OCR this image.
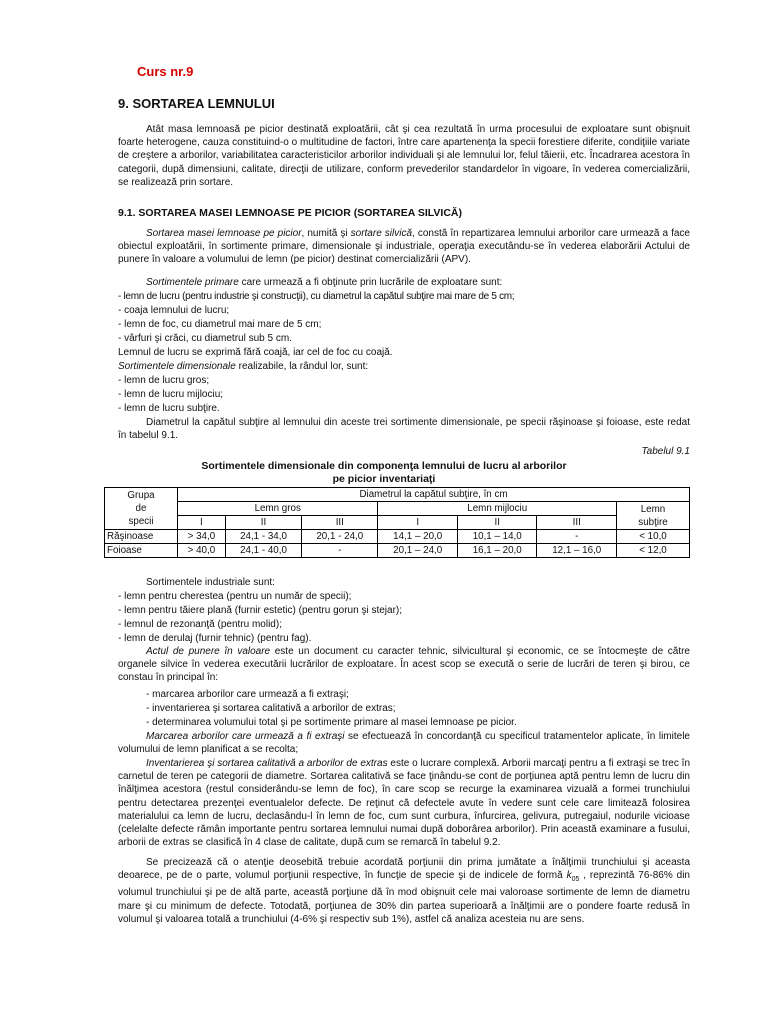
Curs nr.9
9. SORTAREA LEMNULUI
Atât masa lemnoasă pe picior destinată exploatării, cât şi cea rezultată în urma procesului de exploatare sunt obişnuit foarte heterogene, cauza constituind-o o multitudine de factori, între care apartenenţa la specii forestiere diferite, condiţiile variate de creştere a arborilor, variabilitatea caracteristicilor arborilor individuali şi ale lemnului lor, felul tăierii, etc. Încadrarea acestora în categorii, după dimensiuni, calitate, direcţii de utilizare, conform prevederilor standardelor în vigoare, în vederea comercializării, se realizează prin sortare.
9.1. SORTAREA MASEI LEMNOASE PE PICIOR (SORTAREA SILVICĂ)
Sortarea masei lemnoase pe picior, numită şi sortare silvică, constă în repartizarea lemnului arborilor care urmează a face obiectul exploatării, în sortimente primare, dimensionale şi industriale, operaţia executându-se în vederea elaborării Actului de punere în valoare a volumului de lemn (pe picior) destinat comercializării (APV).
Sortimentele primare care urmează a fi obţinute prin lucrările de exploatare sunt:
- lemn de lucru (pentru industrie şi construcţii), cu diametrul la capătul subţire mai mare de 5 cm;
- coaja lemnului de lucru;
- lemn de foc, cu diametrul mai mare de 5 cm;
- vârfuri şi crăci, cu diametrul sub 5 cm.
Lemnul de lucru se exprimă fără coajă, iar cel de foc cu coajă.
Sortimentele dimensionale realizabile, la rândul lor, sunt:
- lemn de lucru gros;
- lemn de lucru mijlociu;
- lemn de lucru subţire.
Diametrul la capătul subţire al lemnului din aceste trei sortimente dimensionale, pe specii răşinoase şi foioase, este redat în tabelul 9.1.
Tabelul 9.1
Sortimentele dimensionale din componenţa lemnului de lucru al arborilor pe picior inventariaţi
Grupa
de
specii	Diametrul la capătul subţire, în cm						
	Lemn gros			Lemn mijlociu			Lemn
subţire

	I	II	III	I	II	III	
Răşinoase	> 34,0	24,1 - 34,0	20,1 - 24,0	14,1 – 20,0	10,1 – 14,0	-	< 10,0
Foioase	> 40,0	24,1 - 40,0	-	20,1 – 24,0	16,1 – 20,0	12,1 – 16,0	< 12,0
Sortimentele industriale sunt:
- lemn pentru cherestea (pentru un număr de specii);
- lemn pentru tăiere plană (furnir estetic) (pentru gorun şi stejar);
- lemnul de rezonanţă (pentru molid);
- lemn de derulaj (furnir tehnic) (pentru fag).
Actul de punere în valoare este un document cu caracter tehnic, silvicultural şi economic, ce se întocmeşte de către organele silvice în vederea executării lucrărilor de exploatare. În acest scop se execută o serie de lucrări de teren şi birou, ce constau în principal în:
- marcarea arborilor care urmează a fi extraşi;
- inventarierea şi sortarea calitativă a arborilor de extras;
- determinarea volumului total şi pe sortimente primare al masei lemnoase pe picior.
Marcarea arborilor care urmează a fi extraşi se efectuează în concordanţă cu specificul tratamentelor aplicate, în limitele volumului de lemn planificat a se recolta;
Inventarierea şi sortarea calitativă a arborilor de extras este o lucrare complexă. Arborii marcaţi pentru a fi extraşi se trec în carnetul de teren pe categorii de diametre. Sortarea calitativă se face ţinându-se cont de porţiunea aptă pentru lemn de lucru din înălţimea acestora (restul considerându-se lemn de foc), în care scop se recurge la examinarea vizuală a formei trunchiului pentru detectarea prezenţei eventualelor defecte. De reţinut că defectele avute în vedere sunt cele care limitează folosirea materialului ca lemn de lucru, declasându-l în lemn de foc, cum sunt curbura, înfurcirea, gelivura, putregaiul, nodurile vicioase (celelalte defecte rămân importante pentru sortarea lemnului numai după doborârea arborilor). Prin această examinare a fusului, arborii de extras se clasifică în 4 clase de calitate, după cum se remarcă în tabelul 9.2.
Se precizează că o atenţie deosebită trebuie acordată porţiunii din prima jumătate a înălţimii trunchiului şi aceasta deoarece, pe de o parte, volumul porţiunii respective, în funcţie de specie şi de indicele de formă $k_{05}$ , reprezintă 76-86% din volumul trunchiului şi pe de altă parte, această porţiune dă în mod obişnuit cele mai valoroase sortimente de lemn de diametru mare şi cu minimum de defecte. Totodată, porţiunea de 30% din partea superioară a înălţimii are o pondere foarte redusă în volumul şi valoarea totală a trunchiului (4-6% şi respectiv sub 1%), astfel că analiza acesteia nu are sens.
